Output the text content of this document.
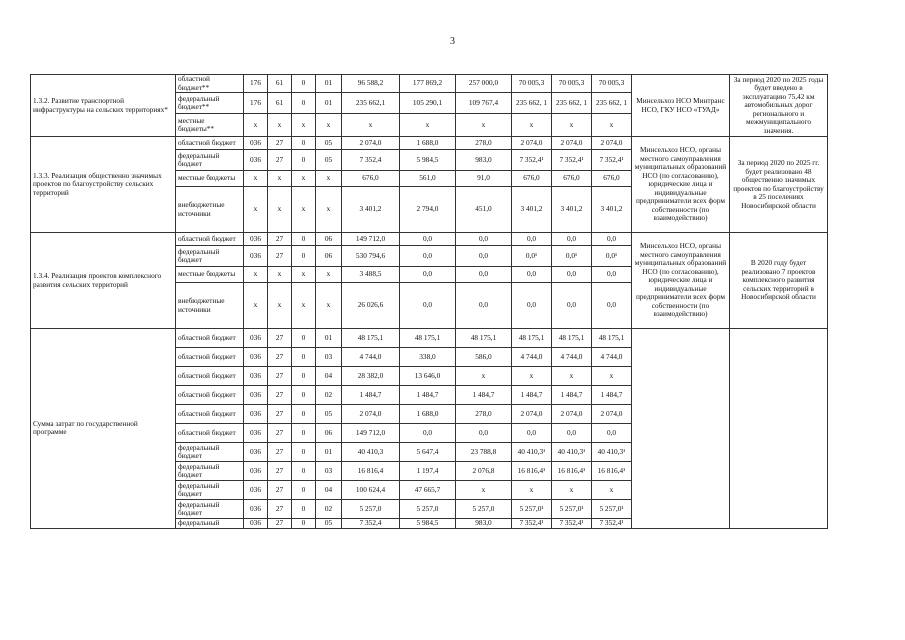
3
1.3.2. Развитие транспортной инфраструктуры на сельских территориях*	областной бюджет**	176	61	0	01	96 588,2	177 869,2	257 000,0	70 005,3	70 005,3	70 005,3	Минсельхоз НСО Минтранс НСО, ГКУ НСО «ТУАД»	За период 2020 по 2025 годы будет введено в эксплуатацию 75,42 км автомобильных дорог регионального и межмуниципального значения.
	федеральный бюджет**	176	61	0	01	235 662,1	105 290,1	109 767,4	235 662, 1	235 662, 1	235 662, 1		
	местные бюджеты**	x	x	x	x	x	x	x	x	x	x		
1.3.3. Реализация общественно значимых проектов по благоустройству сельских территорий	областной бюджет	036	27	0	05	2 074,0	1 688,0	278,0	2 074,0	2 074,0	2 074,0	Минсельхоз НСО, органы местного самоуправления муниципальных образований НСО (по согласованию), юридические лица и индивидуальные предприниматели всех форм собственности (по взаимодействию)	За период 2020 по 2025 гг. будет реализовано 48 общественно значимых проектов по благоустройству в 25 поселениях Новосибирской области
	федеральный бюджет	036	27	0	05	7 352,4	5 984,5	983,0	7 352,4¹	7 352,4¹	7 352,4¹		
	местные бюджеты	x	x	x	x	676,0	561,0	91,0	676,0	676,0	676,0		
	внебюджетные источники	x	x	x	x	3 401,2	2 794,0	451,0	3 401,2	3 401,2	3 401,2		
1.3.4. Реализация проектов комплексного развития сельских территорий	областной бюджет	036	27	0	06	149 712,0	0,0	0,0	0,0	0,0	0,0	Минсельхоз НСО, органы местного самоуправления муниципальных образований НСО (по согласованию), юридические лица и индивидуальные предприниматели всех форм собственности (по взаимодействию)	В 2020 году будет реализовано 7 проектов комплексного развития сельских территорий в Новосибирской области
	федеральный бюджет	036	27	0	06	530 794,6	0,0	0,0	0,0¹	0,0¹	0,0¹		
	местные бюджеты	x	x	x	x	3 488,5	0,0	0,0	0,0	0,0	0,0		
	внебюджетные источники	x	x	x	x	26 026,6	0,0	0,0	0,0	0,0	0,0		
Сумма затрат по государственной программе	областной бюджет	036	27	0	01	48 175,1	48 175,1	48 175,1	48 175,1	48 175,1	48 175,1		
	областной бюджет	036	27	0	03	4 744,0	338,0	586,0	4 744,0	4 744,0	4 744,0		
	областной бюджет	036	27	0	04	28 382,0	13 646,0	x	x	x	x		
	областной бюджет	036	27	0	02	1 484,7	1 484,7	1 484,7	1 484,7	1 484,7	1 484,7		
	областной бюджет	036	27	0	05	2 074,0	1 688,0	278,0	2 074,0	2 074,0	2 074,0		
	областной бюджет	036	27	0	06	149 712,0	0,0	0,0	0,0	0,0	0,0		
	федеральный бюджет	036	27	0	01	40 410,3	5 647,4	23 788,8	40 410,3¹	40 410,3¹	40 410,3¹		
	федеральный бюджет	036	27	0	03	16 816,4	1 197,4	2 076,8	16 816,4¹	16 816,4¹	16 816,4¹		
	федеральный бюджет	036	27	0	04	100 624,4	47 665,7	x	x	x	x		
	федеральный бюджет	036	27	0	02	5 257,0	5 257,0	5 257,0	5 257,0¹	5 257,0¹	5 257,0¹		
	федеральный	036	27	0	05	7 352,4	5 984,5	983,0	7 352,4¹	7 352,4¹	7 352,4¹		
